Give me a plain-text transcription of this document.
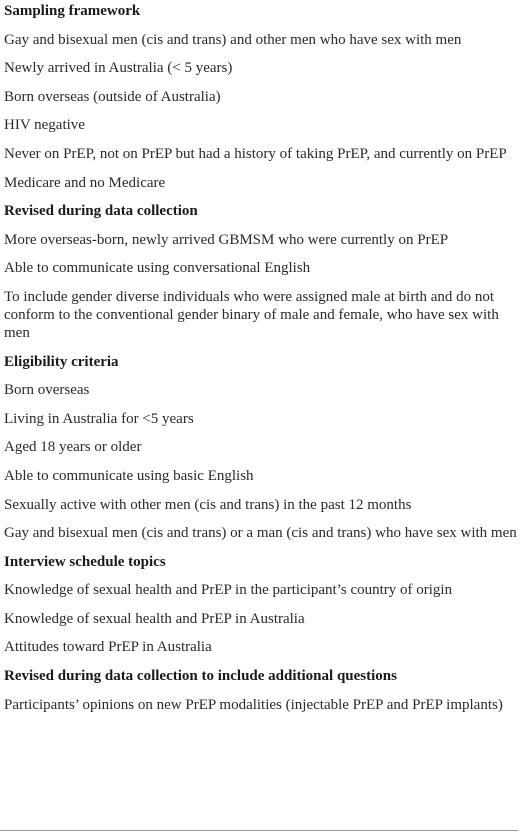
Sampling framework
Gay and bisexual men (cis and trans) and other men who have sex with men
Newly arrived in Australia (< 5 years)
Born overseas (outside of Australia)
HIV negative
Never on PrEP, not on PrEP but had a history of taking PrEP, and currently on PrEP
Medicare and no Medicare
Revised during data collection
More overseas-born, newly arrived GBMSM who were currently on PrEP
Able to communicate using conversational English
To include gender diverse individuals who were assigned male at birth and do not conform to the conventional gender binary of male and female, who have sex with men
Eligibility criteria
Born overseas
Living in Australia for <5 years
Aged 18 years or older
Able to communicate using basic English
Sexually active with other men (cis and trans) in the past 12 months
Gay and bisexual men (cis and trans) or a man (cis and trans) who have sex with men
Interview schedule topics
Knowledge of sexual health and PrEP in the participant’s country of origin
Knowledge of sexual health and PrEP in Australia
Attitudes toward PrEP in Australia
Revised during data collection to include additional questions
Participants’ opinions on new PrEP modalities (injectable PrEP and PrEP implants)
